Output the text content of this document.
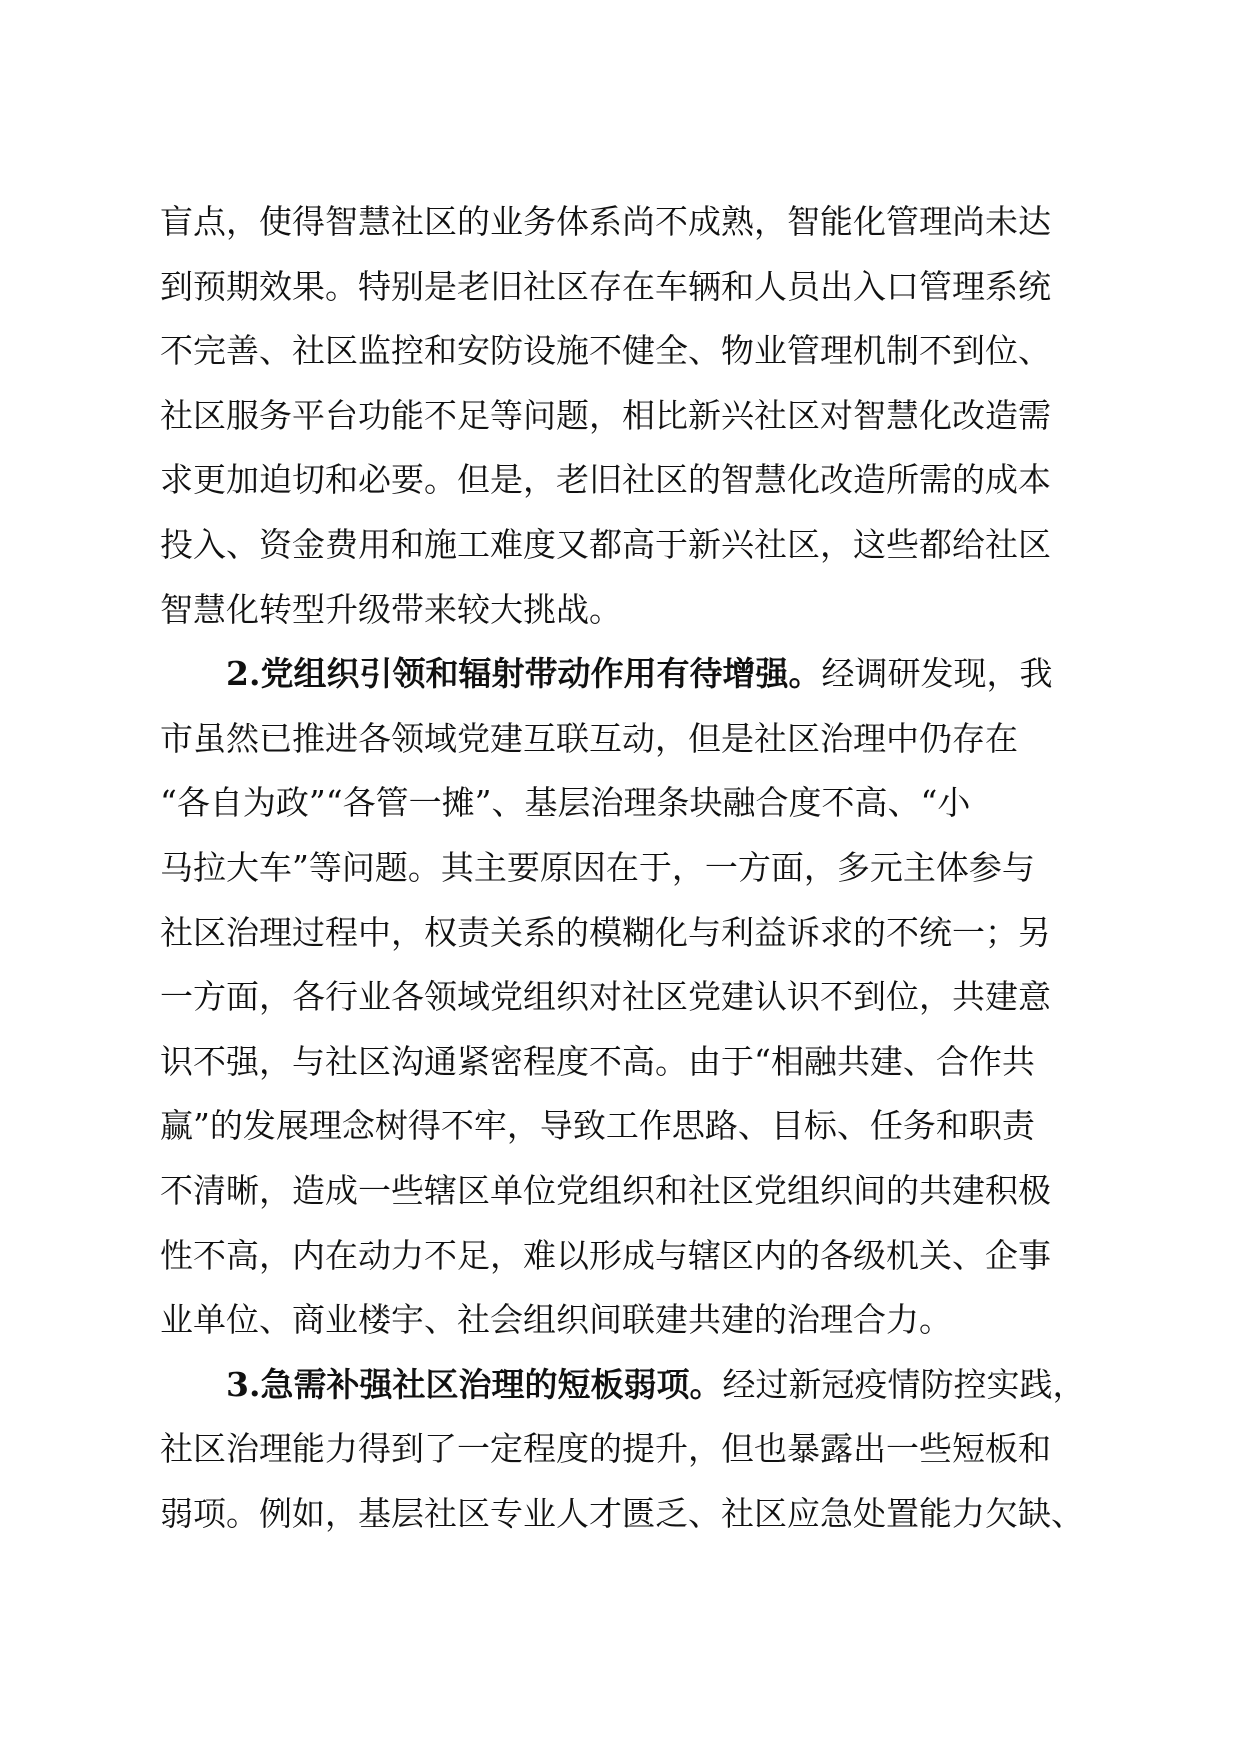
盲点，使得智慧社区的业务体系尚不成熟，智能化管理尚未达
到预期效果。特别是老旧社区存在车辆和人员出入口管理系统
不完善、社区监控和安防设施不健全、物业管理机制不到位、
社区服务平台功能不足等问题，相比新兴社区对智慧化改造需
求更加迫切和必要。但是，老旧社区的智慧化改造所需的成本
投入、资金费用和施工难度又都高于新兴社区，这些都给社区
智慧化转型升级带来较大挑战。
2.党组织引领和辐射带动作用有待增强。经调研发现，我
市虽然已推进各领域党建互联互动，但是社区治理中仍存在
“各自为政”“各管一摊”、基层治理条块融合度不高、“小
马拉大车”等问题。其主要原因在于，一方面，多元主体参与
社区治理过程中，权责关系的模糊化与利益诉求的不统一；另
一方面，各行业各领域党组织对社区党建认识不到位，共建意
识不强，与社区沟通紧密程度不高。由于“相融共建、合作共
赢”的发展理念树得不牢，导致工作思路、目标、任务和职责
不清晰，造成一些辖区单位党组织和社区党组织间的共建积极
性不高，内在动力不足，难以形成与辖区内的各级机关、企事
业单位、商业楼宇、社会组织间联建共建的治理合力。
3.急需补强社区治理的短板弱项。经过新冠疫情防控实践，
社区治理能力得到了一定程度的提升，但也暴露出一些短板和
弱项。例如，基层社区专业人才匮乏、社区应急处置能力欠缺、
